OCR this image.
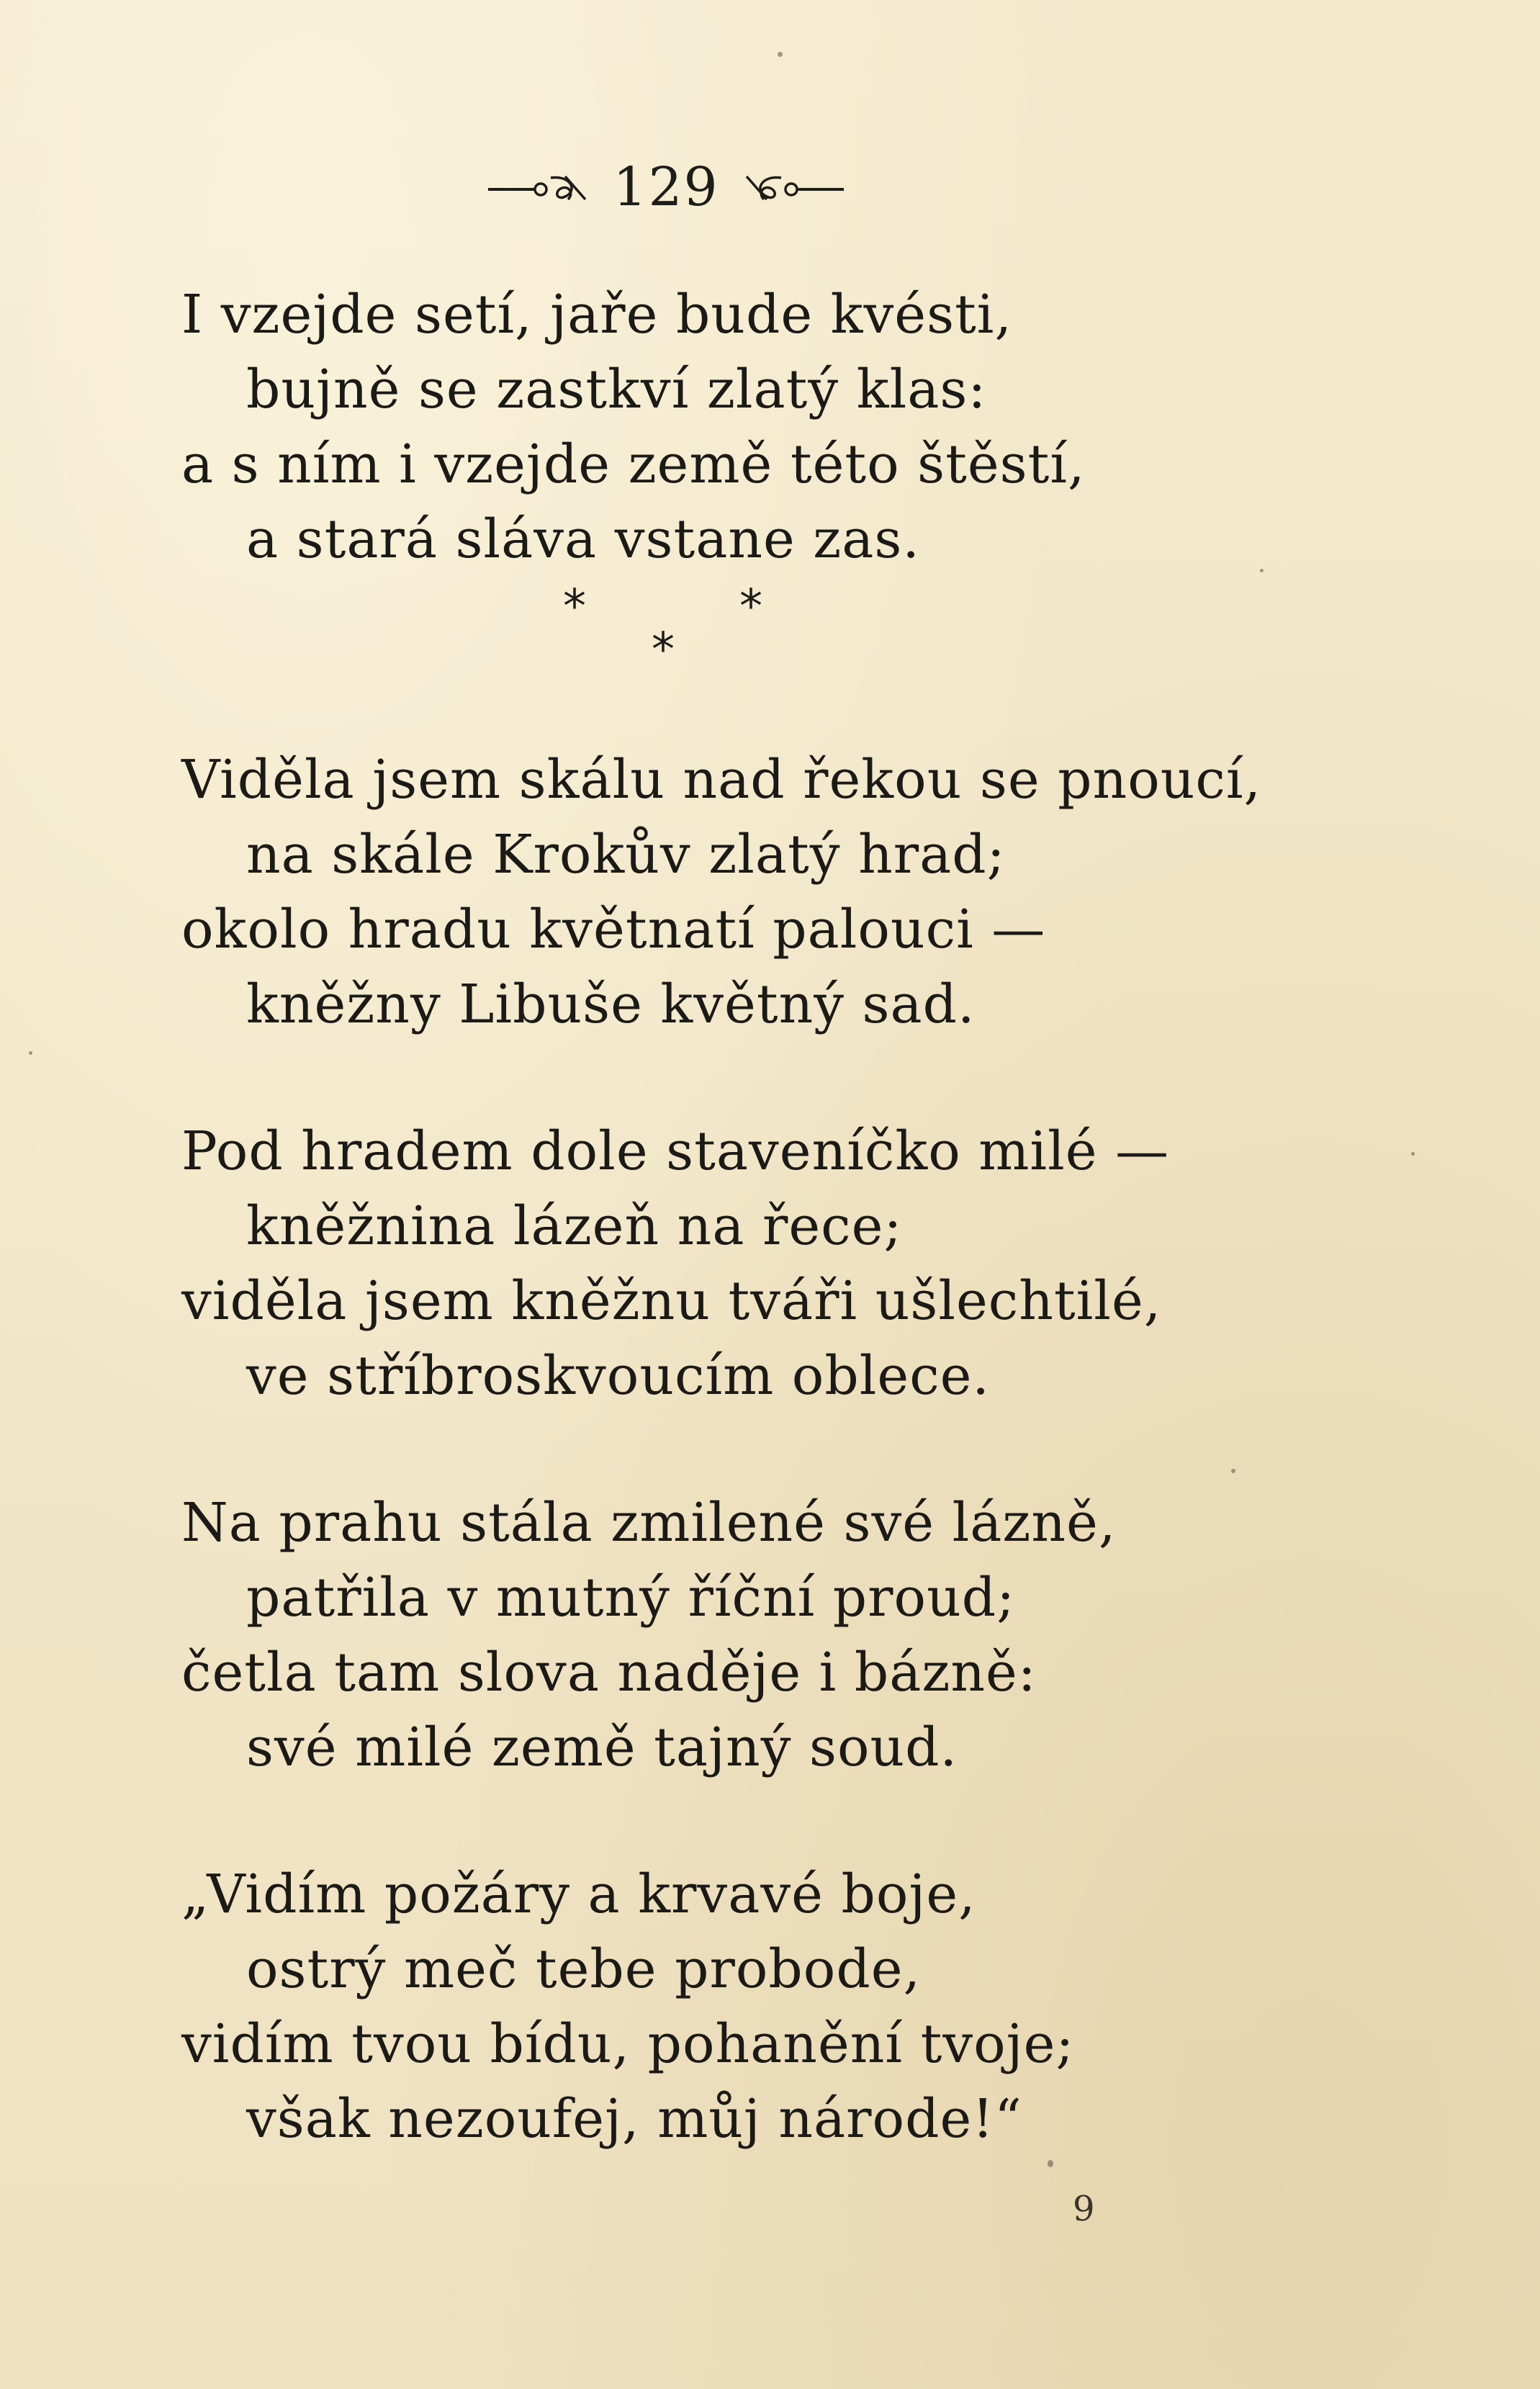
129
I vzejde setí, jaře bude kvésti,
bujně se zastkví zlatý klas:
a s ním i vzejde země této štěstí,
a stará sláva vstane zas.
*	*
*
Viděla jsem skálu nad řekou se pnoucí,
na skále Krokův zlatý hrad;
okolo hradu květnatí palouci —
kněžny Libuše květný sad.
Pod hradem dole staveníčko milé —
kněžnina lázeň na řece;
viděla jsem kněžnu tváři ušlechtilé,
ve stříbroskvoucím oblece.
Na prahu stála zmilené své lázně,
patřila v mutný říční proud;
četla tam slova naděje i bázně:
své milé země tajný soud.
„Vidím požáry a krvavé boje,
ostrý meč tebe probode,
vidím tvou bídu, pohanění tvoje;
však nezoufej, můj národe!“
9
